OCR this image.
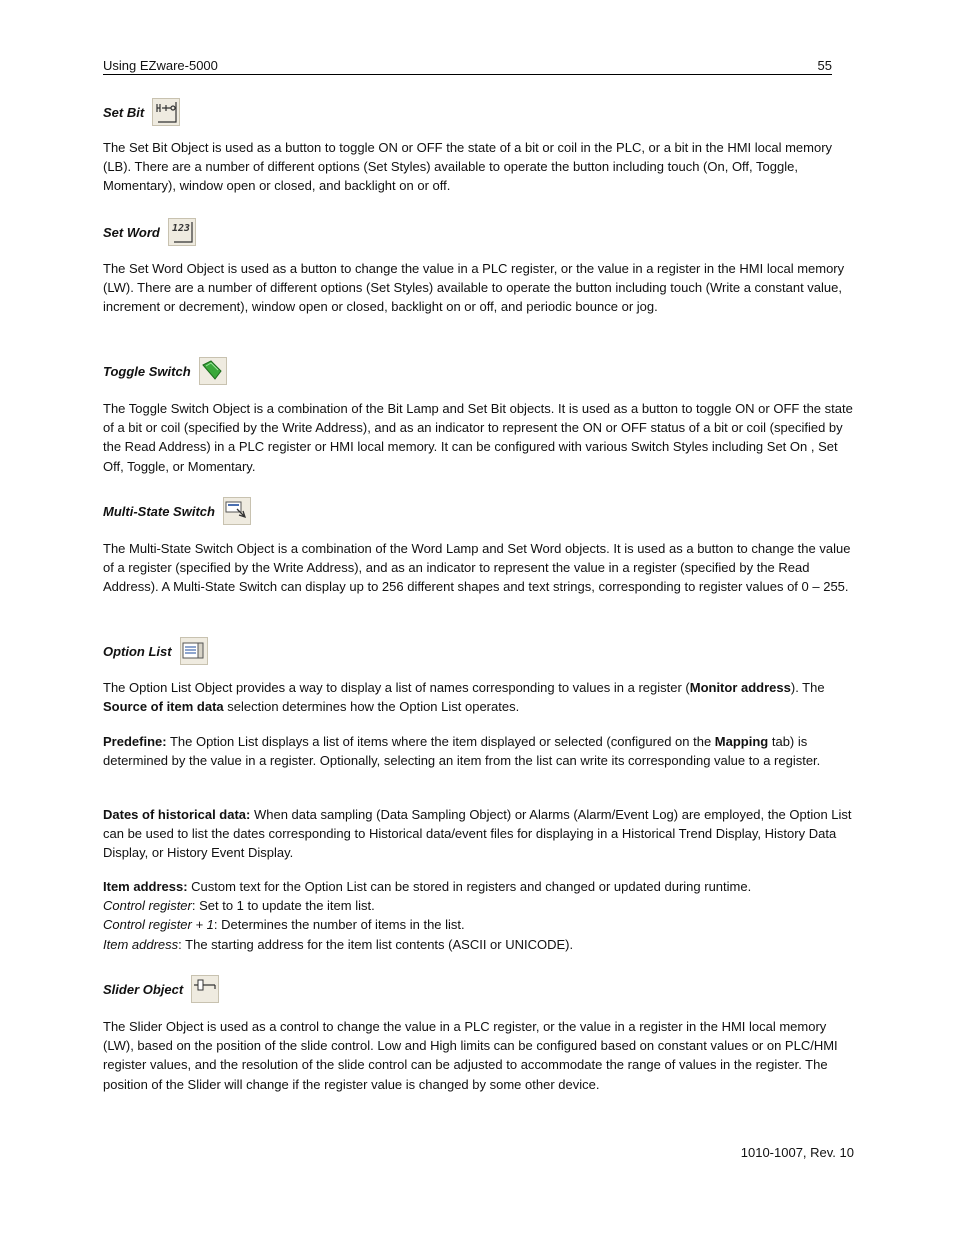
Using EZware-5000	55
Set Bit

The Set Bit Object is used as a button to toggle ON or OFF the state of a bit or coil in the PLC, or a bit in the HMI local memory (LB). There are a number of different options (Set Styles) available to operate the button including touch (On, Off, Toggle, Momentary), window open or closed, and backlight on or off.

Set Word 123

The Set Word Object is used as a button to change the value in a PLC register, or the value in a register in the HMI local memory (LW). There are a number of different options (Set Styles) available to operate the button including touch (Write a constant value, increment or decrement), window open or closed, backlight on or off, and periodic bounce or jog.

Toggle Switch

The Toggle Switch Object is a combination of the Bit Lamp and Set Bit objects. It is used as a button to toggle ON or OFF the state of a bit or coil (specified by the Write Address), and as an indicator to represent the ON or OFF status of a bit or coil (specified by the Read Address) in a PLC register or HMI local memory. It can be configured with various Switch Styles including Set On , Set Off, Toggle, or Momentary.

Multi-State Switch

The Multi-State Switch Object is a combination of the Word Lamp and Set Word objects. It is used as a button to change the value of a register (specified by the Write Address), and as an indicator to represent the value in a register (specified by the Read Address). A Multi-State Switch can display up to 256 different shapes and text strings, corresponding to register values of 0 – 255.

Option List

The Option List Object provides a way to display a list of names corresponding to values in a register (Monitor address). The Source of item data selection determines how the Option List operates.

Predefine: The Option List displays a list of items where the item displayed or selected (configured on the Mapping tab) is determined by the value in a register. Optionally, selecting an item from the list can write its corresponding value to a register.

Dates of historical data: When data sampling (Data Sampling Object) or Alarms (Alarm/Event Log) are employed, the Option List can be used to list the dates corresponding to Historical data/event files for displaying in a Historical Trend Display, History Data Display, or History Event Display.

Item address: Custom text for the Option List can be stored in registers and changed or updated during runtime.
Control register: Set to 1 to update the item list.
Control register + 1: Determines the number of items in the list.
Item address: The starting address for the item list contents (ASCII or UNICODE).

Slider Object

The Slider Object is used as a control to change the value in a PLC register, or the value in a register in the HMI local memory (LW), based on the position of the slide control. Low and High limits can be configured based on constant values or on PLC/HMI register values, and the resolution of the slide control can be adjusted to accommodate the range of values in the register. The position of the Slider will change if the register value is changed by some other device.

1010-1007, Rev. 10
